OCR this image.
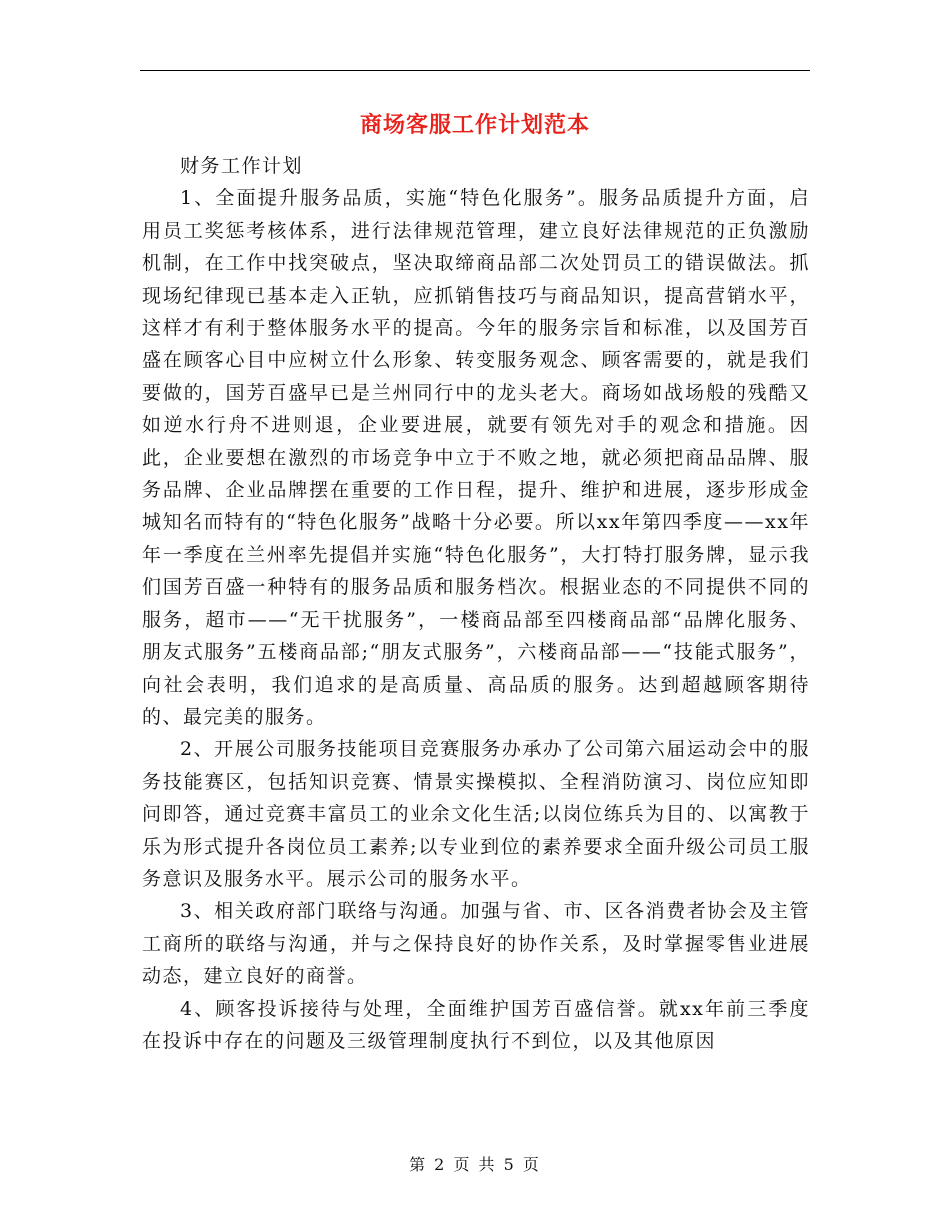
商场客服工作计划范本

财务工作计划

1、全面提升服务品质，实施“特色化服务”。服务品质提升方面，启用员工奖惩考核体系，进行法律规范管理，建立良好法律规范的正负激励机制，在工作中找突破点，坚决取缔商品部二次处罚员工的错误做法。抓现场纪律现已基本走入正轨，应抓销售技巧与商品知识，提高营销水平，这样才有利于整体服务水平的提高。今年的服务宗旨和标准，以及国芳百盛在顾客心目中应树立什么形象、转变服务观念、顾客需要的，就是我们要做的，国芳百盛早已是兰州同行中的龙头老大。商场如战场般的残酷又如逆水行舟不进则退，企业要进展，就要有领先对手的观念和措施。因此，企业要想在激烈的市场竞争中立于不败之地，就必须把商品品牌、服务品牌、企业品牌摆在重要的工作日程，提升、维护和进展，逐步形成金城知名而特有的“特色化服务”战略十分必要。所以xx年第四季度——xx年年一季度在兰州率先提倡并实施“特色化服务”，大打特打服务牌，显示我们国芳百盛一种特有的服务品质和服务档次。根据业态的不同提供不同的服务，超市——“无干扰服务”，一楼商品部至四楼商品部“品牌化服务、朋友式服务”五楼商品部;“朋友式服务”，六楼商品部——“技能式服务”，向社会表明，我们追求的是高质量、高品质的服务。达到超越顾客期待的、最完美的服务。

2、开展公司服务技能项目竞赛服务办承办了公司第六届运动会中的服务技能赛区，包括知识竞赛、情景实操模拟、全程消防演习、岗位应知即问即答，通过竞赛丰富员工的业余文化生活;以岗位练兵为目的、以寓教于乐为形式提升各岗位员工素养;以专业到位的素养要求全面升级公司员工服务意识及服务水平。展示公司的服务水平。

3、相关政府部门联络与沟通。加强与省、市、区各消费者协会及主管工商所的联络与沟通，并与之保持良好的协作关系，及时掌握零售业进展动态，建立良好的商誉。

4、顾客投诉接待与处理，全面维护国芳百盛信誉。就xx年前三季度在投诉中存在的问题及三级管理制度执行不到位，以及其他原因

第 2 页 共 5 页
